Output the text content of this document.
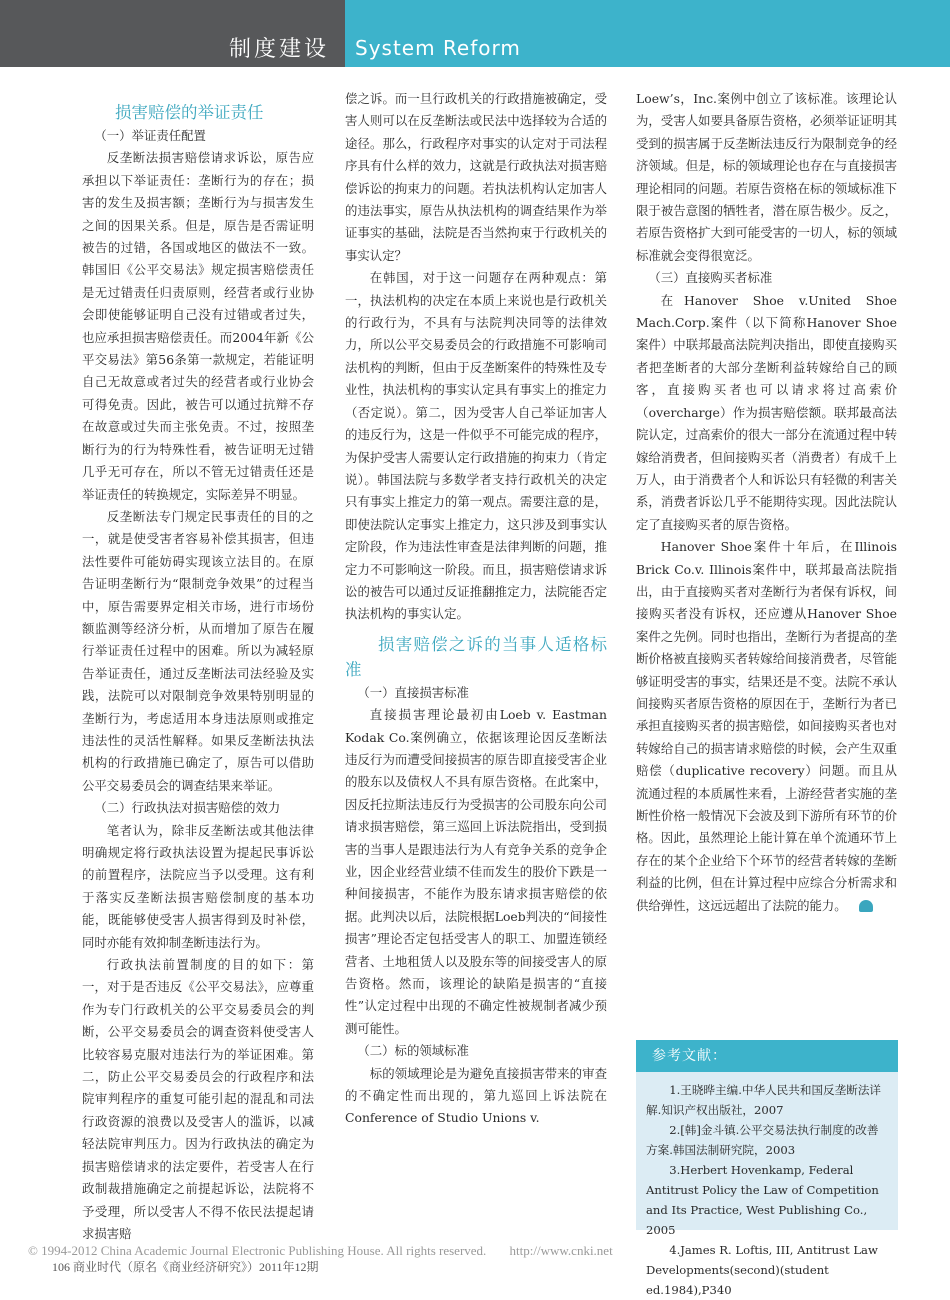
制度建设 System Reform

损害赔偿的举证责任

（一）举证责任配置

反垄断法损害赔偿请求诉讼，原告应承担以下举证责任：垄断行为的存在；损害的发生及损害额；垄断行为与损害发生之间的因果关系。但是，原告是否需证明被告的过错，各国或地区的做法不一致。韩国旧《公平交易法》规定损害赔偿责任是无过错责任归责原则，经营者或行业协会即使能够证明自己没有过错或者过失，也应承担损害赔偿责任。而2004年新《公平交易法》第56条第一款规定，若能证明自己无故意或者过失的经营者或行业协会可得免责。因此，被告可以通过抗辩不存在故意或过失而主张免责。不过，按照垄断行为的行为特殊性看，被告证明无过错几乎无可存在，所以不管无过错责任还是举证责任的转换规定，实际差异不明显。

反垄断法专门规定民事责任的目的之一，就是使受害者容易补偿其损害，但违法性要件可能妨碍实现该立法目的。在原告证明垄断行为“限制竞争效果”的过程当中，原告需要界定相关市场，进行市场份额监测等经济分析，从而增加了原告在履行举证责任过程中的困难。所以为减轻原告举证责任，通过反垄断法司法经验及实践，法院可以对限制竞争效果特别明显的垄断行为，考虑适用本身违法原则或推定违法性的灵活性解释。如果反垄断法执法机构的行政措施已确定了，原告可以借助公平交易委员会的调查结果来举证。

（二）行政执法对损害赔偿的效力

笔者认为，除非反垄断法或其他法律明确规定将行政执法设置为提起民事诉讼的前置程序，法院应当予以受理。这有利于落实反垄断法损害赔偿制度的基本功能，既能够使受害人损害得到及时补偿，同时亦能有效抑制垄断违法行为。

行政执法前置制度的目的如下：第一，对于是否违反《公平交易法》，应尊重作为专门行政机关的公平交易委员会的判断，公平交易委员会的调查资料使受害人比较容易克服对违法行为的举证困难。第二，防止公平交易委员会的行政程序和法院审判程序的重复可能引起的混乱和司法行政资源的浪费以及受害人的滥诉，以减轻法院审判压力。因为行政执法的确定为损害赔偿请求的法定要件，若受害人在行政制裁措施确定之前提起诉讼，法院将不予受理，所以受害人不得不依民法提起请求损害赔

偿之诉。而一旦行政机关的行政措施被确定，受害人则可以在反垄断法或民法中选择较为合适的途径。那么，行政程序对事实的认定对于司法程序具有什么样的效力，这就是行政执法对损害赔偿诉讼的拘束力的问题。若执法机构认定加害人的违法事实，原告从执法机构的调查结果作为举证事实的基础，法院是否当然拘束于行政机关的事实认定？

在韩国，对于这一问题存在两种观点：第一，执法机构的决定在本质上来说也是行政机关的行政行为，不具有与法院判决同等的法律效力，所以公平交易委员会的行政措施不可影响司法机构的判断，但由于反垄断案件的特殊性及专业性，执法机构的事实认定具有事实上的推定力（否定说）。第二，因为受害人自己举证加害人的违反行为，这是一件似乎不可能完成的程序，为保护受害人需要认定行政措施的拘束力（肯定说）。韩国法院与多数学者支持行政机关的决定只有事实上推定力的第一观点。需要注意的是，即使法院认定事实上推定力，这只涉及到事实认定阶段，作为违法性审查是法律判断的问题，推定力不可影响这一阶段。而且，损害赔偿请求诉讼的被告可以通过反证推翻推定力，法院能否定执法机构的事实认定。

损害赔偿之诉的当事人适格标准

（一）直接损害标准

直接损害理论最初由Loeb v. Eastman Kodak Co.案例确立，依据该理论因反垄断法违反行为而遭受间接损害的原告即直接受害企业的股东以及债权人不具有原告资格。在此案中，因反托拉斯法违反行为受损害的公司股东向公司请求损害赔偿，第三巡回上诉法院指出，受到损害的当事人是跟违法行为人有竞争关系的竞争企业，因企业经营业绩不佳而发生的股价下跌是一种间接损害，不能作为股东请求损害赔偿的依据。此判决以后，法院根据Loeb判决的“间接性损害”理论否定包括受害人的职工、加盟连锁经营者、土地租赁人以及股东等的间接受害人的原告资格。然而，该理论的缺陷是损害的“直接性”认定过程中出现的不确定性被规制者减少预测可能性。

（二）标的领域标准

标的领域理论是为避免直接损害带来的审查的不确定性而出现的，第九巡回上诉法院在Conference of Studio Unions v.

Loew’s，Inc.案例中创立了该标准。该理论认为，受害人如要具备原告资格，必须举证证明其受到的损害属于反垄断法违反行为限制竞争的经济领域。但是，标的领域理论也存在与直接损害理论相同的问题。若原告资格在标的领域标准下限于被告意图的牺牲者，潜在原告极少。反之，若原告资格扩大到可能受害的一切人，标的领域标准就会变得很宽泛。

（三）直接购买者标准

在Hanover Shoe v.United Shoe Mach.Corp.案件（以下简称Hanover Shoe案件）中联邦最高法院判决指出，即使直接购买者把垄断者的大部分垄断利益转嫁给自己的顾客，直接购买者也可以请求将过高索价（overcharge）作为损害赔偿额。联邦最高法院认定，过高索价的很大一部分在流通过程中转嫁给消费者，但间接购买者（消费者）有成千上万人，由于消费者个人和诉讼只有轻微的利害关系，消费者诉讼几乎不能期待实现。因此法院认定了直接购买者的原告资格。

Hanover Shoe案件十年后，在Illinois Brick Co.v. Illinois案件中，联邦最高法院指出，由于直接购买者对垄断行为者保有诉权，间接购买者没有诉权，还应遵从Hanover Shoe案件之先例。同时也指出，垄断行为者提高的垄断价格被直接购买者转嫁给间接消费者，尽管能够证明受害的事实，结果还是不变。法院不承认间接购买者原告资格的原因在于，垄断行为者已承担直接购买者的损害赔偿，如间接购买者也对转嫁给自己的损害请求赔偿的时候，会产生双重赔偿（duplicative recovery）问题。而且从流通过程的本质属性来看，上游经营者实施的垄断性价格一般情况下会波及到下游所有环节的价格。因此，虽然理论上能计算在单个流通环节上存在的某个企业给下个环节的经营者转嫁的垄断利益的比例，但在计算过程中应综合分析需求和供给弹性，这远远超出了法院的能力。

参考文献：
1.王晓晔主编.中华人民共和国反垄断法详解.知识产权出版社，2007
2.[韩]金斗镇.公平交易法执行制度的改善方案.韩国法制研究院，2003
3.Herbert Hovenkamp, Federal Antitrust Policy the Law of Competition and Its Practice, West Publishing Co., 2005
4.James R. Loftis, III, Antitrust Law Developments(second)(student ed.1984),P340
© 1994-2012 China Academic Journal Electronic Publishing House. All rights reserved. http://www.cnki.net
106 商业时代（原名《商业经济研究》）2011年12期
